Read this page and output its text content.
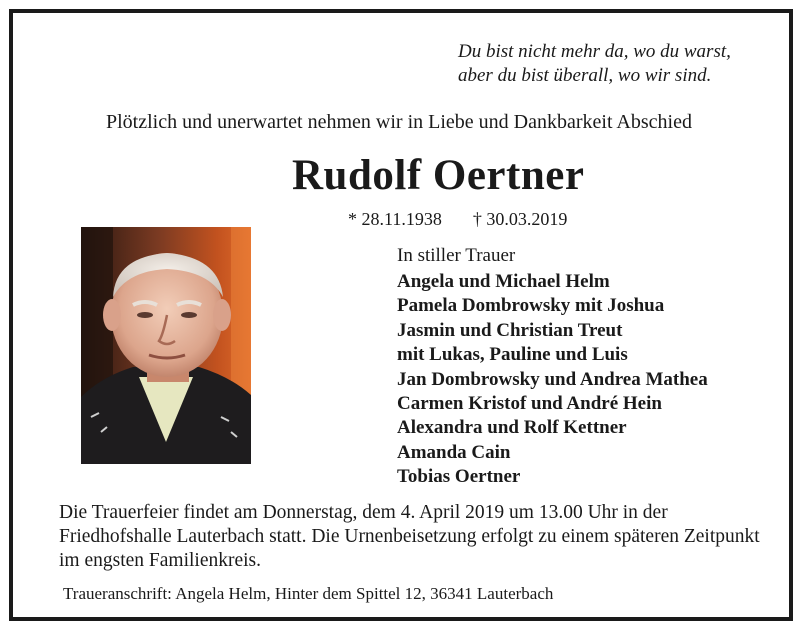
Du bist nicht mehr da, wo du warst,
aber du bist überall, wo wir sind.
Plötzlich und unerwartet nehmen wir in Liebe und Dankbarkeit Abschied
Rudolf Oertner
* 28.11.1938 † 30.03.2019
In stiller Trauer
Angela und Michael Helm
Pamela Dombrowsky mit Joshua
Jasmin und Christian Treut
mit Lukas, Pauline und Luis
Jan Dombrowsky und Andrea Mathea
Carmen Kristof und André Hein
Alexandra und Rolf Kettner
Amanda Cain
Tobias Oertner
Die Trauerfeier findet am Donnerstag, dem 4. April 2019 um 13.00 Uhr in der Friedhofshalle Lauterbach statt. Die Urnenbeisetzung erfolgt zu einem späteren Zeitpunkt im engsten Familienkreis.
Traueranschrift: Angela Helm, Hinter dem Spittel 12, 36341 Lauterbach
